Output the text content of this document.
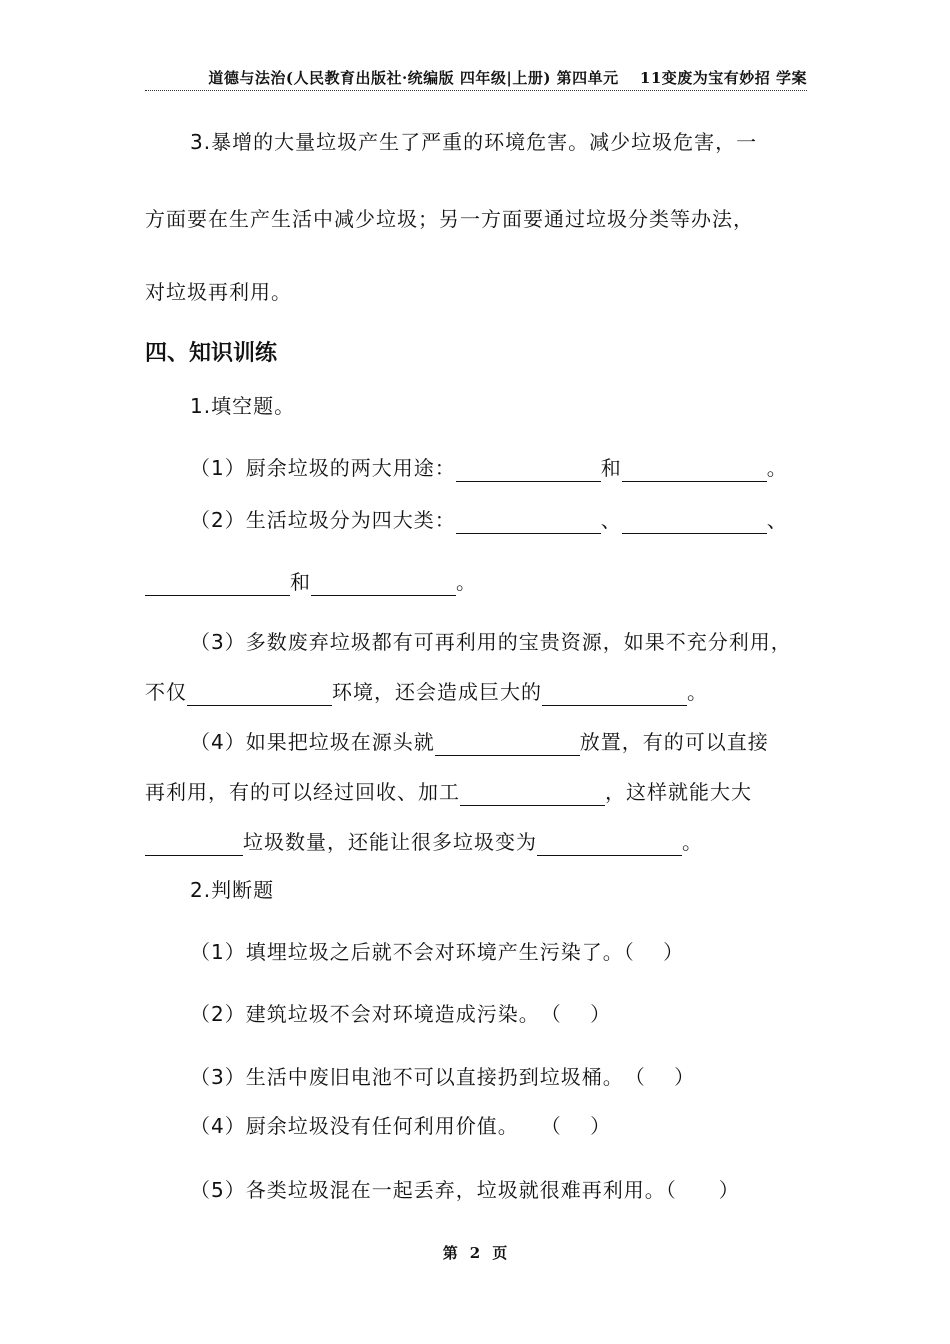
道德与法治(人民教育出版社·统编版 四年级|上册) 第四单元　 11变废为宝有妙招 学案
3.暴增的大量垃圾产生了严重的环境危害。减少垃圾危害，一
方面要在生产生活中减少垃圾；另一方面要通过垃圾分类等办法，
对垃圾再利用。
四、知识训练
1.填空题。
（1）厨余垃圾的两大用途：	和	。
（2）生活垃圾分为四大类：	、	、
和	。
（3）多数废弃垃圾都有可再利用的宝贵资源，如果不充分利用，
不仅	环境，还会造成巨大的	。
（4）如果把垃圾在源头就	放置，有的可以直接
再利用，有的可以经过回收、加工	，这样就能大大
垃圾数量，还能让很多垃圾变为	。
2.判断题
（1）填埋垃圾之后就不会对环境产生污染了。（　 ）
（2）建筑垃圾不会对环境造成污染。　（　 ）
（3）生活中废旧电池不可以直接扔到垃圾桶。　（　 ）
（4）厨余垃圾没有任何利用价值。　　（　 ）
（5）各类垃圾混在一起丢弃，垃圾就很难再利用。（　　）
第 2 页
